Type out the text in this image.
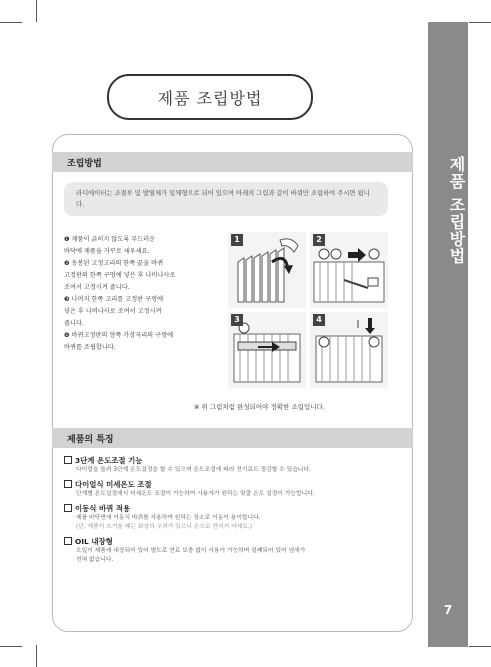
제품 조립방법
7
제품 조립방법
조립방법

라디에이터는 조절부 및 발열체가 일체형으로 되어 있으며 아래의 그림과 같이 바퀴만 조립하여 주시면 됩니다.

❶ 제품이 긁히지 않도록 부드러운
바닥에 제품을 거꾸로 세우세요.
❷ 동봉된 고정고리의 한쪽 끝을 바퀴
고정판의 한쪽 구멍에 넣은 후 나비나사로
조여서 고정시켜 줍니다.
❸ 나머지 한쪽 고리를 고정판 구멍에
넣은 후 나비나사로 조여서 고정시켜
줍니다.
❹ 바퀴고정판의 양쪽 가장자리의 구멍에
바퀴를 조립합니다.
1	2
3	4
※ 위 그림처럼 완성되어야 정확한 조립입니다.
제품의 특징
3단계 온도조절 기능
다이얼을 돌려 3단계 온도설정을 할 수 있으며 온도조절에 따라 전기료도 절감할 수 있습니다.
다이얼식 미세온도 조절
단계별 온도설정에서 미세온도 조절이 가능하여 사용자가 원하는 맞춤 온도 설정이 가능합니다.
이동식 바퀴 적용
제품 바닥면에 이동식 바퀴를 사용하여 원하는 장소로 이동이 용이합니다.
(단, 제품이 뜨거울 때는 화상의 우려가 있으니 손으로 만지지 마세요.)
OIL 내장형
오일이 제품에 내장되어 있어 별도로 연료 보충 없이 사용이 가능하며 밀폐되어 있어 냄새가
전혀 없습니다.
